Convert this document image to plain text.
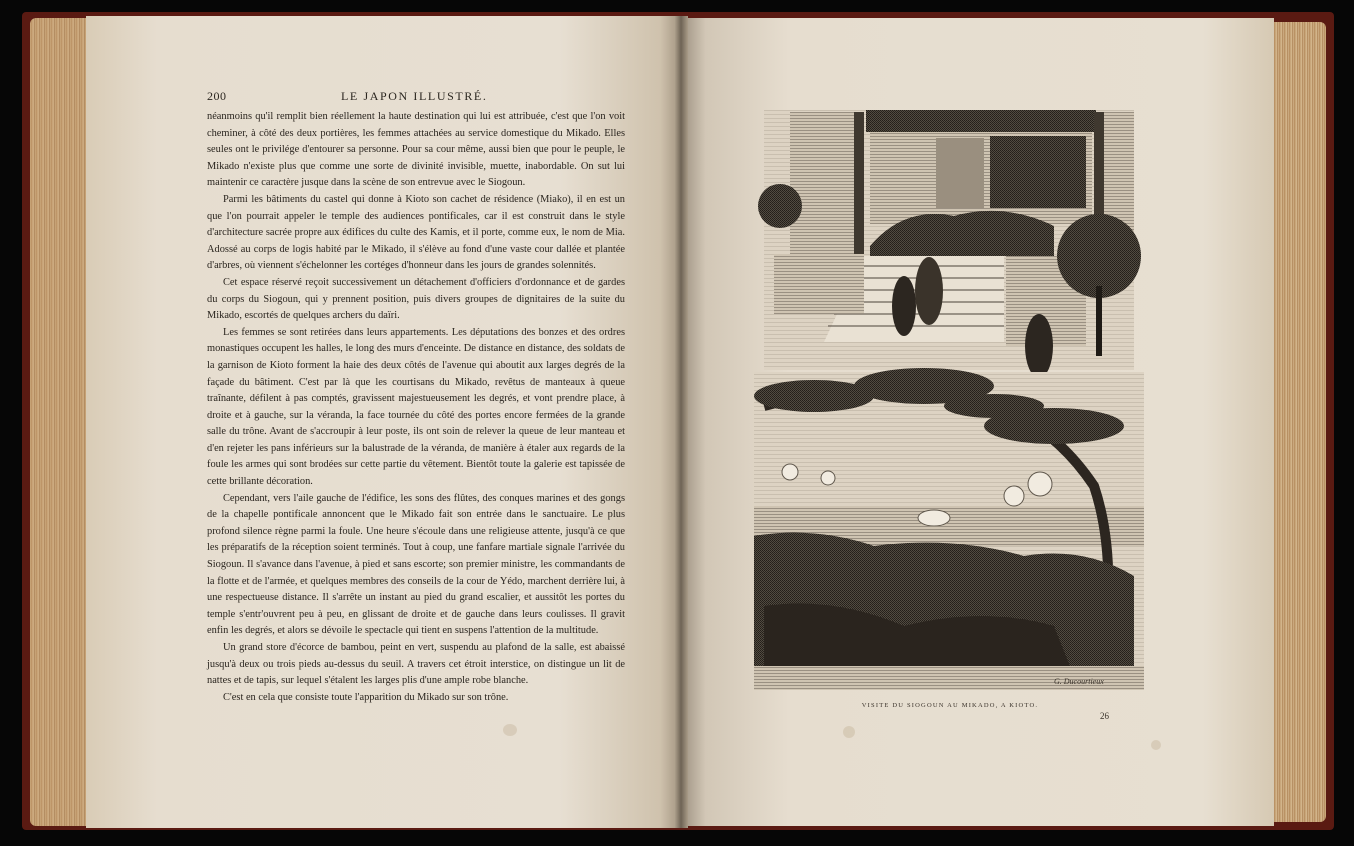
200	LE JAPON ILLUSTRÉ.

néanmoins qu'il remplit bien réellement la haute destination qui lui est attribuée, c'est que l'on voit cheminer, à côté des deux portières, les femmes attachées au service domestique du Mikado. Elles seules ont le privilége d'entourer sa personne. Pour sa cour même, aussi bien que pour le peuple, le Mikado n'existe plus que comme une sorte de divinité invisible, muette, inabordable. On sut lui maintenir ce caractère jusque dans la scène de son entrevue avec le Siogoun.

Parmi les bâtiments du castel qui donne à Kioto son cachet de résidence (Miako), il en est un que l'on pourrait appeler le temple des audiences pontificales, car il est construit dans le style d'architecture sacrée propre aux édifices du culte des Kamis, et il porte, comme eux, le nom de Mia. Adossé au corps de logis habité par le Mikado, il s'élève au fond d'une vaste cour dallée et plantée d'arbres, où viennent s'échelonner les cortéges d'honneur dans les jours de grandes solennités.

Cet espace réservé reçoit successivement un détachement d'officiers d'ordonnance et de gardes du corps du Siogoun, qui y prennent position, puis divers groupes de dignitaires de la suite du Mikado, escortés de quelques archers du daïri.

Les femmes se sont retirées dans leurs appartements. Les députations des bonzes et des ordres monastiques occupent les halles, le long des murs d'enceinte. De distance en distance, des soldats de la garnison de Kioto forment la haie des deux côtés de l'avenue qui aboutit aux larges degrés de la façade du bâtiment. C'est par là que les courtisans du Mikado, revêtus de manteaux à queue traînante, défilent à pas comptés, gravissent majestueusement les degrés, et vont prendre place, à droite et à gauche, sur la véranda, la face tournée du côté des portes encore fermées de la grande salle du trône. Avant de s'accroupir à leur poste, ils ont soin de relever la queue de leur manteau et d'en rejeter les pans inférieurs sur la balustrade de la véranda, de manière à étaler aux regards de la foule les armes qui sont brodées sur cette partie du vêtement. Bientôt toute la galerie est tapissée de cette brillante décoration.

Cependant, vers l'aile gauche de l'édifice, les sons des flûtes, des conques marines et des gongs de la chapelle pontificale annoncent que le Mikado fait son entrée dans le sanctuaire. Le plus profond silence règne parmi la foule. Une heure s'écoule dans une religieuse attente, jusqu'à ce que les préparatifs de la réception soient terminés. Tout à coup, une fanfare martiale signale l'arrivée du Siogoun. Il s'avance dans l'avenue, à pied et sans escorte; son premier ministre, les commandants de la flotte et de l'armée, et quelques membres des conseils de la cour de Yédo, marchent derrière lui, à une respectueuse distance. Il s'arrête un instant au pied du grand escalier, et aussitôt les portes du temple s'entr'ouvrent peu à peu, en glissant de droite et de gauche dans leurs coulisses. Il gravit enfin les degrés, et alors se dévoile le spectacle qui tient en suspens l'attention de la multitude.

Un grand store d'écorce de bambou, peint en vert, suspendu au plafond de la salle, est abaissé jusqu'à deux ou trois pieds au-dessus du seuil. A travers cet étroit interstice, on distingue un lit de nattes et de tapis, sur lequel s'étalent les larges plis d'une ample robe blanche.

C'est en cela que consiste toute l'apparition du Mikado sur son trône.

G. Ducourtieux
VISITE DU SIOGOUN AU MIKADO, A KIOTO.
26
